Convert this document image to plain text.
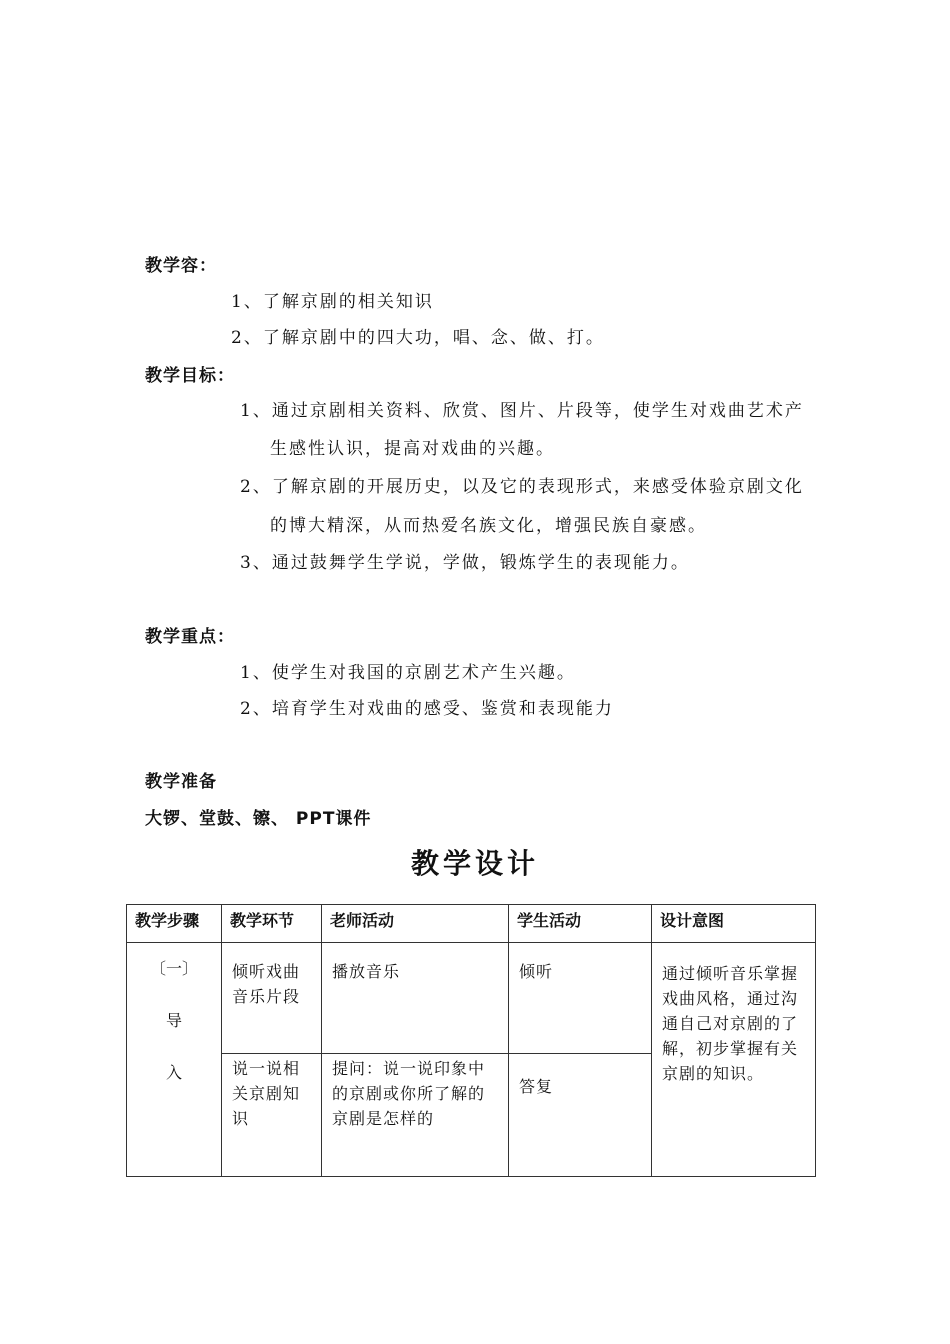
教学容：
1、了解京剧的相关知识
2、了解京剧中的四大功，唱、念、做、打。
教学目标：
1、通过京剧相关资料、欣赏、图片、片段等，使学生对戏曲艺术产
生感性认识，提高对戏曲的兴趣。
2、了解京剧的开展历史，以及它的表现形式，来感受体验京剧文化
的博大精深，从而热爱名族文化，增强民族自豪感。
3、通过鼓舞学生学说，学做，锻炼学生的表现能力。
教学重点：
1、使学生对我国的京剧艺术产生兴趣。
2、培育学生对戏曲的感受、鉴赏和表现能力
教学准备
大锣、堂鼓、镲、 PPT课件
教学设计
教学步骤	教学环节	老师活动	学生活动	设计意图

〔一〕
导
入	倾听戏曲音乐片段	播放音乐	倾听	通过倾听音乐掌握戏曲风格，通过沟通自己对京剧的了解，初步掌握有关京剧的知识。

	说一说相关京剧知识	提问：说一说印象中的京剧或你所了解的京剧是怎样的	答复	
